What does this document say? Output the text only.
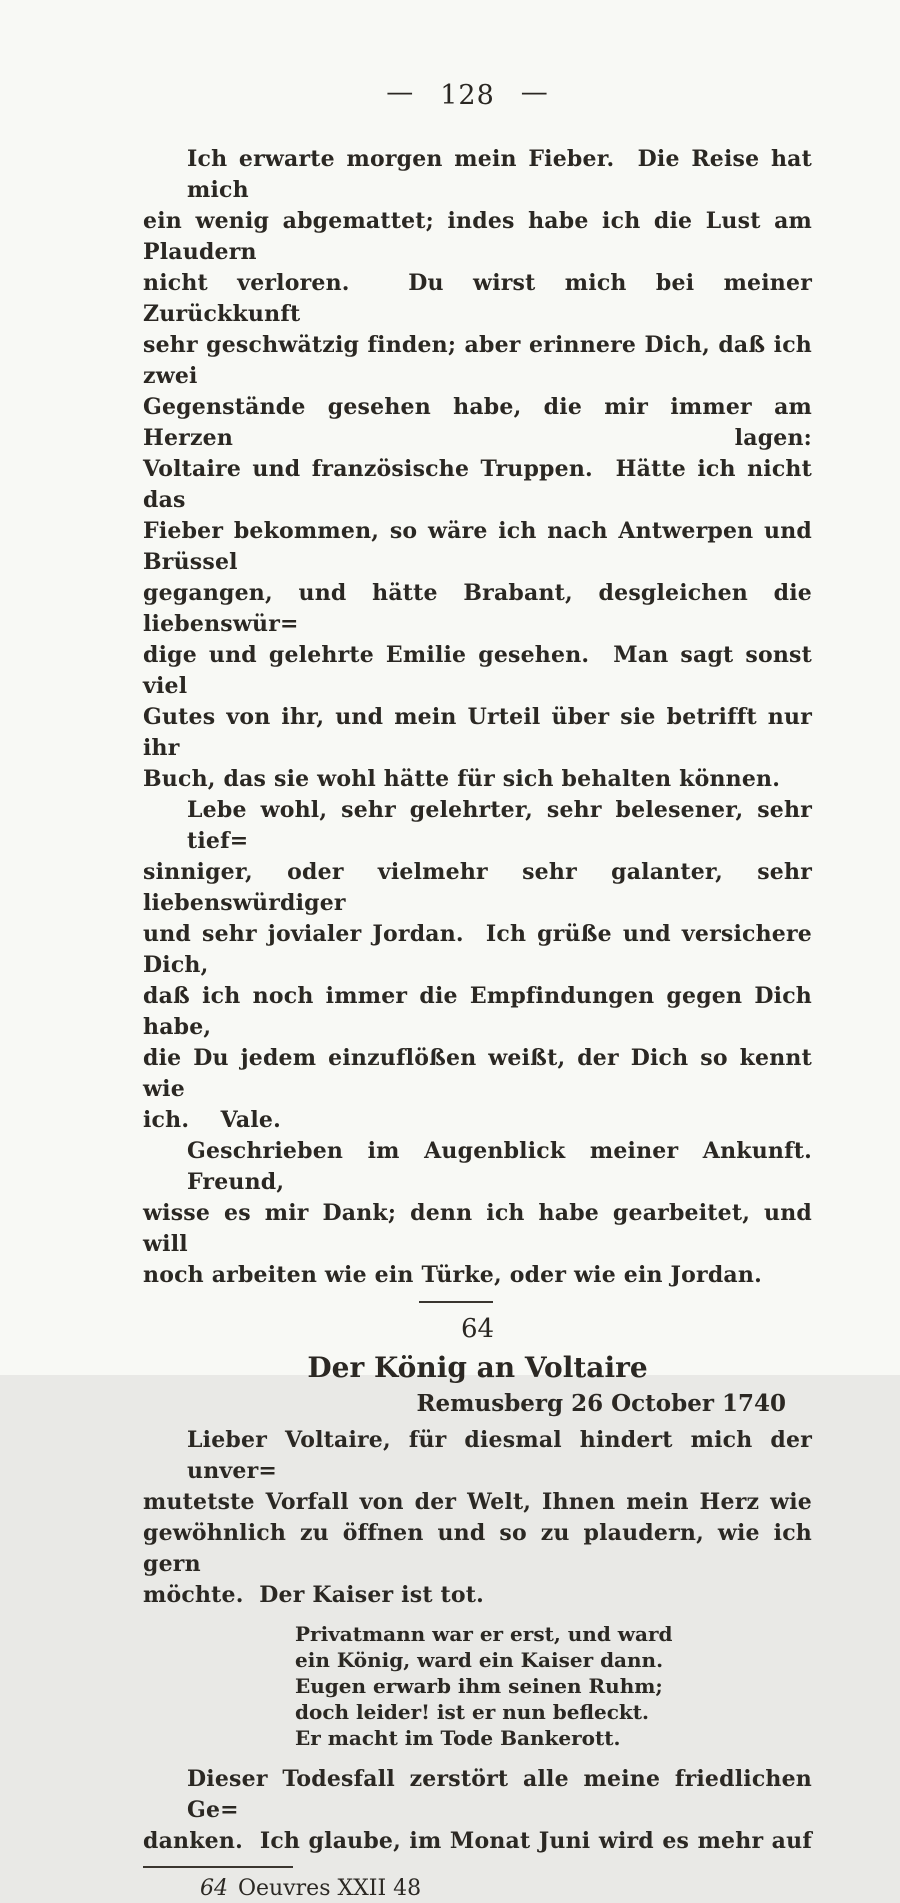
— 128 —
Ich erwarte morgen mein Fieber.  Die Reise hat mich
ein wenig abgemattet; indes habe ich die Lust am Plaudern
nicht verloren.  Du wirst mich bei meiner Zurückkunft
sehr geschwätzig finden; aber erinnere Dich, daß ich zwei
Gegenstände gesehen habe, die mir immer am Herzen lagen:
Voltaire und französische Truppen.  Hätte ich nicht das
Fieber bekommen, so wäre ich nach Antwerpen und Brüssel
gegangen, und hätte Brabant, desgleichen die liebenswür=
dige und gelehrte Emilie gesehen.  Man sagt sonst viel
Gutes von ihr, und mein Urteil über sie betrifft nur ihr
Buch, das sie wohl hätte für sich behalten können.
Lebe wohl, sehr gelehrter, sehr belesener, sehr tief=
sinniger, oder vielmehr sehr galanter, sehr liebenswürdiger
und sehr jovialer Jordan.  Ich grüße und versichere Dich,
daß ich noch immer die Empfindungen gegen Dich habe,
die Du jedem einzuflößen weißt, der Dich so kennt wie
ich.    Vale.
Geschrieben im Augenblick meiner Ankunft.  Freund,
wisse es mir Dank; denn ich habe gearbeitet, und will
noch arbeiten wie ein Türke, oder wie ein Jordan.
64
Der König an Voltaire
Remusberg 26 October 1740
Lieber Voltaire, für diesmal hindert mich der unver=
mutetste Vorfall von der Welt, Ihnen mein Herz wie
gewöhnlich zu öffnen und so zu plaudern, wie ich gern
möchte.  Der Kaiser ist tot.
Privatmann war er erst, und ward
ein König, ward ein Kaiser dann.
Eugen erwarb ihm seinen Ruhm;
doch leider! ist er nun befleckt.
Er macht im Tode Bankerott.
Dieser Todesfall zerstört alle meine friedlichen Ge=
danken.  Ich glaube, im Monat Juni wird es mehr auf
64 Oeuvres XXII 48
